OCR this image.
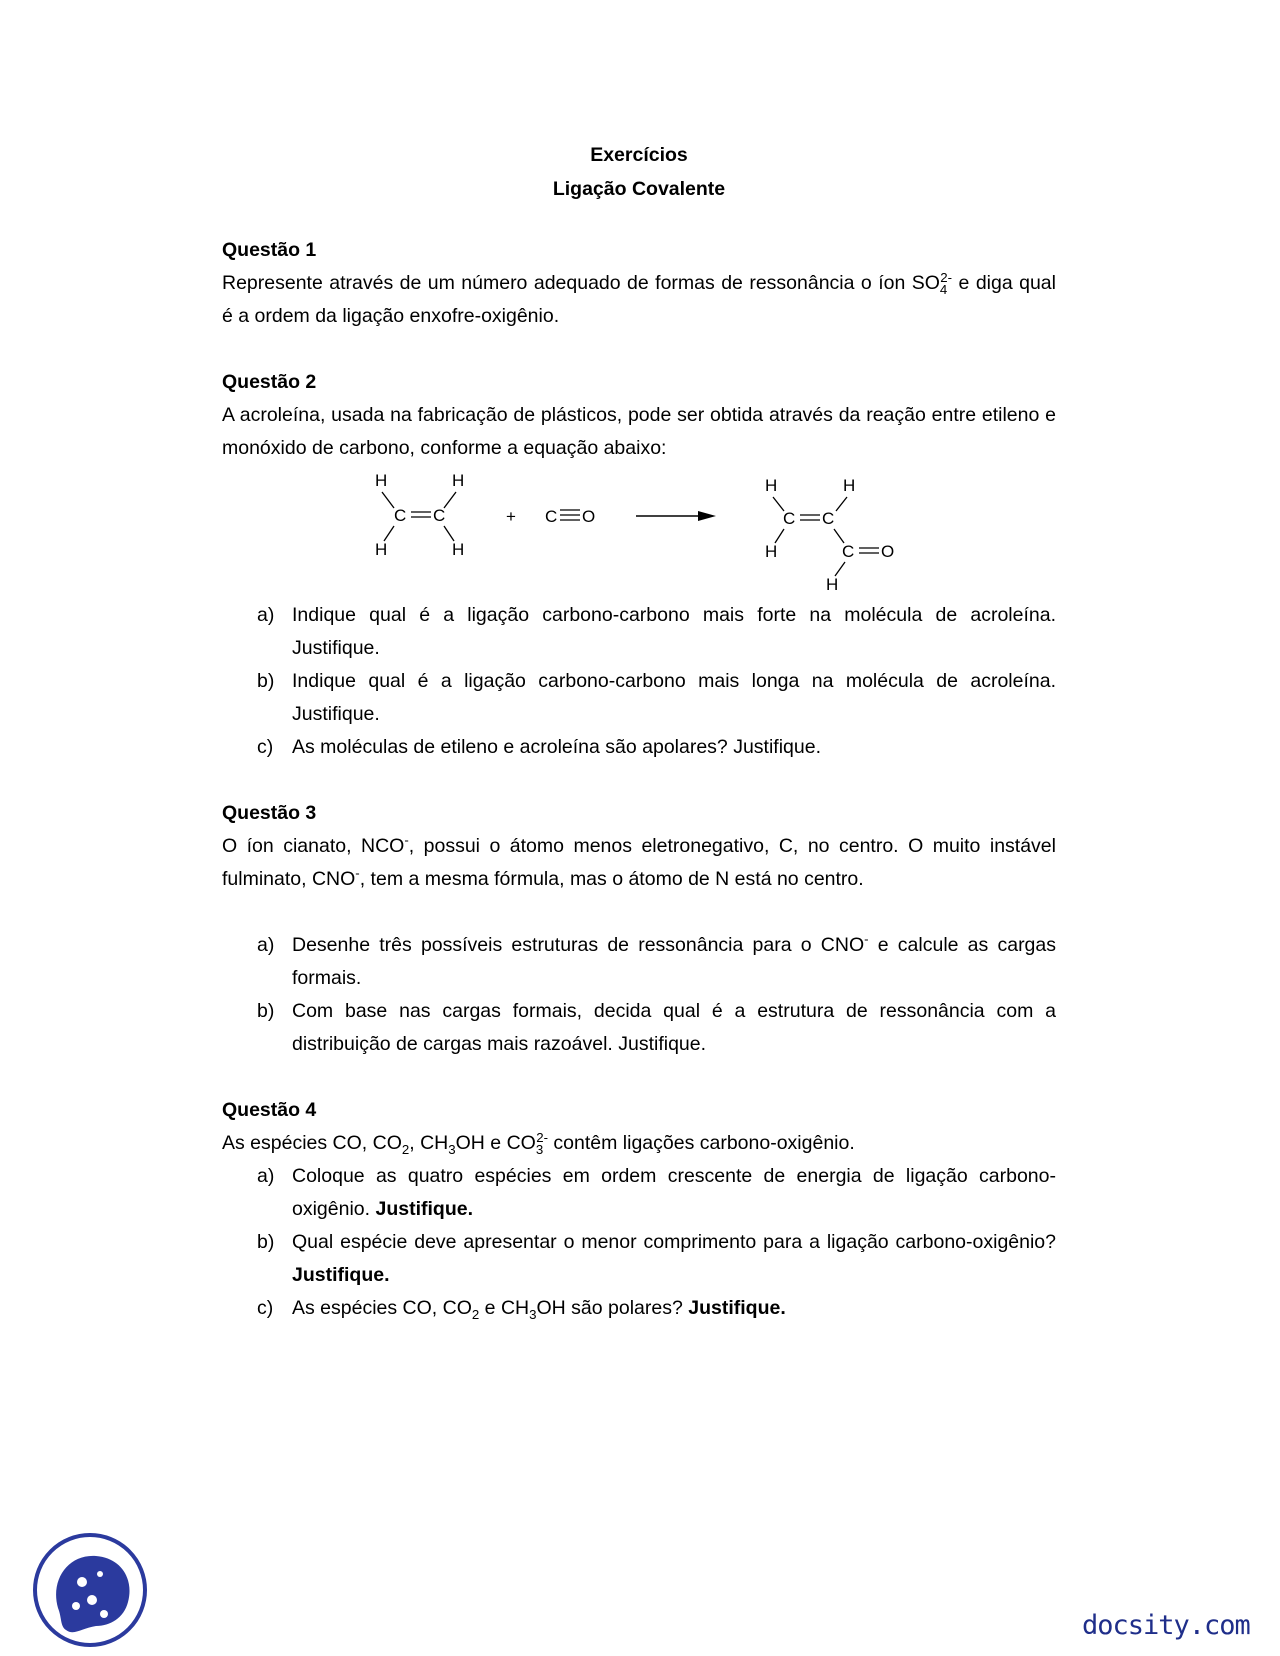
Exercícios

Ligação Covalente

Questão 1

Represente através de um número adequado de formas de ressonância o íon $SO_4^{2-}$ e diga qual é a ordem da ligação enxofre-oxigênio.

Questão 2

A acroleína, usada na fabricação de plásticos, pode ser obtida através da reação entre etileno e monóxido de carbono, conforme a equação abaixo:

H	H
C C
H	H
+ C O
H	H
C C
H	C O
H
a) Indique qual é a ligação carbono-carbono mais forte na molécula de acroleína. Justifique.
b) Indique qual é a ligação carbono-carbono mais longa na molécula de acroleína. Justifique.
c) As moléculas de etileno e acroleína são apolares? Justifique.

Questão 3

O íon cianato, NCO-, possui o átomo menos eletronegativo, C, no centro. O muito instável fulminato, CNO-, tem a mesma fórmula, mas o átomo de N está no centro.

a) Desenhe três possíveis estruturas de ressonância para o CNO- e calcule as cargas formais.
b) Com base nas cargas formais, decida qual é a estrutura de ressonância com a distribuição de cargas mais razoável. Justifique.

Questão 4

As espécies CO, $CO_2$, $CH_3OH$ e $CO_3^{2-}$ contêm ligações carbono-oxigênio.

a) Coloque as quatro espécies em ordem crescente de energia de ligação carbono-oxigênio. Justifique.
b) Qual espécie deve apresentar o menor comprimento para a ligação carbono-oxigênio? Justifique.
c) As espécies CO, $CO_2$ e $CH_3OH$ são polares? Justifique.
docsity.com
